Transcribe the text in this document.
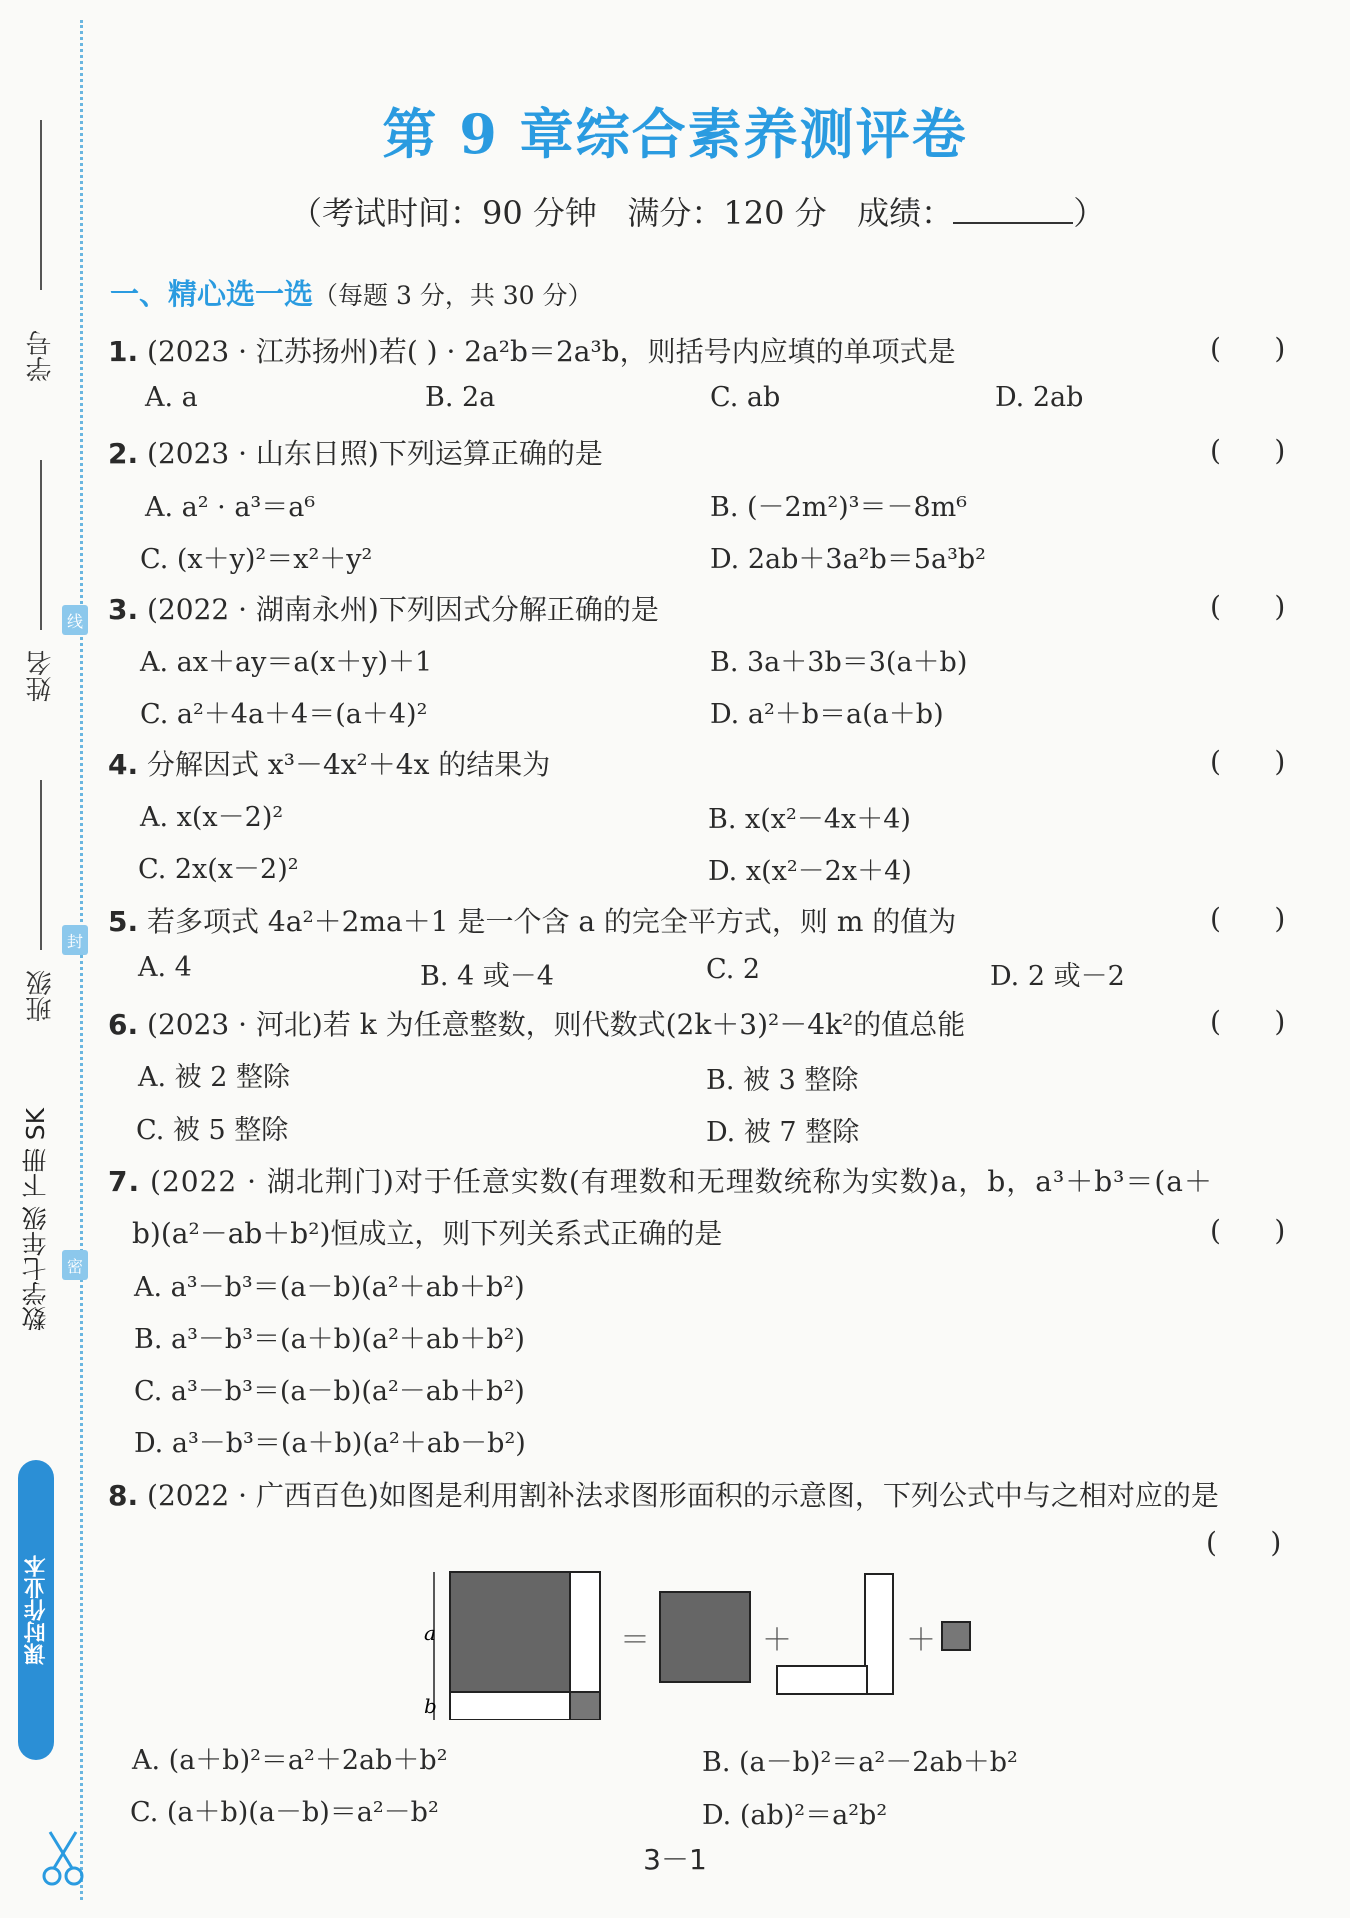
学号
姓名
班级
线
封
密
数学七年级 下册 SK
课时作业本
第 9 章综合素养测评卷
（考试时间：90 分钟   满分：120 分   成绩：	）
一、精心选一选（每题 3 分，共 30 分）
1. (2023 · 江苏扬州)若( ) · 2a²b＝2a³b，则括号内应填的单项式是	(      )
A. a	B. 2a	C. ab	D. 2ab
2. (2023 · 山东日照)下列运算正确的是	(      )
A. a² · a³＝a⁶	B. (－2m²)³＝－8m⁶
C. (x＋y)²＝x²＋y²	D. 2ab＋3a²b＝5a³b²
3. (2022 · 湖南永州)下列因式分解正确的是	(      )
A. ax＋ay＝a(x＋y)＋1	B. 3a＋3b＝3(a＋b)
C. a²＋4a＋4＝(a＋4)²	D. a²＋b＝a(a＋b)
4. 分解因式 x³－4x²＋4x 的结果为	(      )
A. x(x－2)²	B. x(x²－4x＋4)
C. 2x(x－2)²	D. x(x²－2x＋4)
5. 若多项式 4a²＋2ma＋1 是一个含 a 的完全平方式，则 m 的值为	(      )
A. 4	B. 4 或－4	C. 2	D. 2 或－2
6. (2023 · 河北)若 k 为任意整数，则代数式(2k＋3)²－4k²的值总能	(      )
A. 被 2 整除	B. 被 3 整除
C. 被 5 整除	D. 被 7 整除
7. (2022 · 湖北荆门)对于任意实数(有理数和无理数统称为实数)a，b，a³＋b³＝(a＋
b)(a²－ab＋b²)恒成立，则下列关系式正确的是	(      )
A. a³－b³＝(a－b)(a²＋ab＋b²)
B. a³－b³＝(a＋b)(a²＋ab＋b²)
C. a³－b³＝(a－b)(a²－ab＋b²)
D. a³－b³＝(a＋b)(a²＋ab－b²)
8. (2022 · 广西百色)如图是利用割补法求图形面积的示意图，下列公式中与之相对应的是
(      )
a
b
＝	＋	＋
A. (a＋b)²＝a²＋2ab＋b²	B. (a－b)²＝a²－2ab＋b²
C. (a＋b)(a－b)＝a²－b²	D. (ab)²＝a²b²
3－1
